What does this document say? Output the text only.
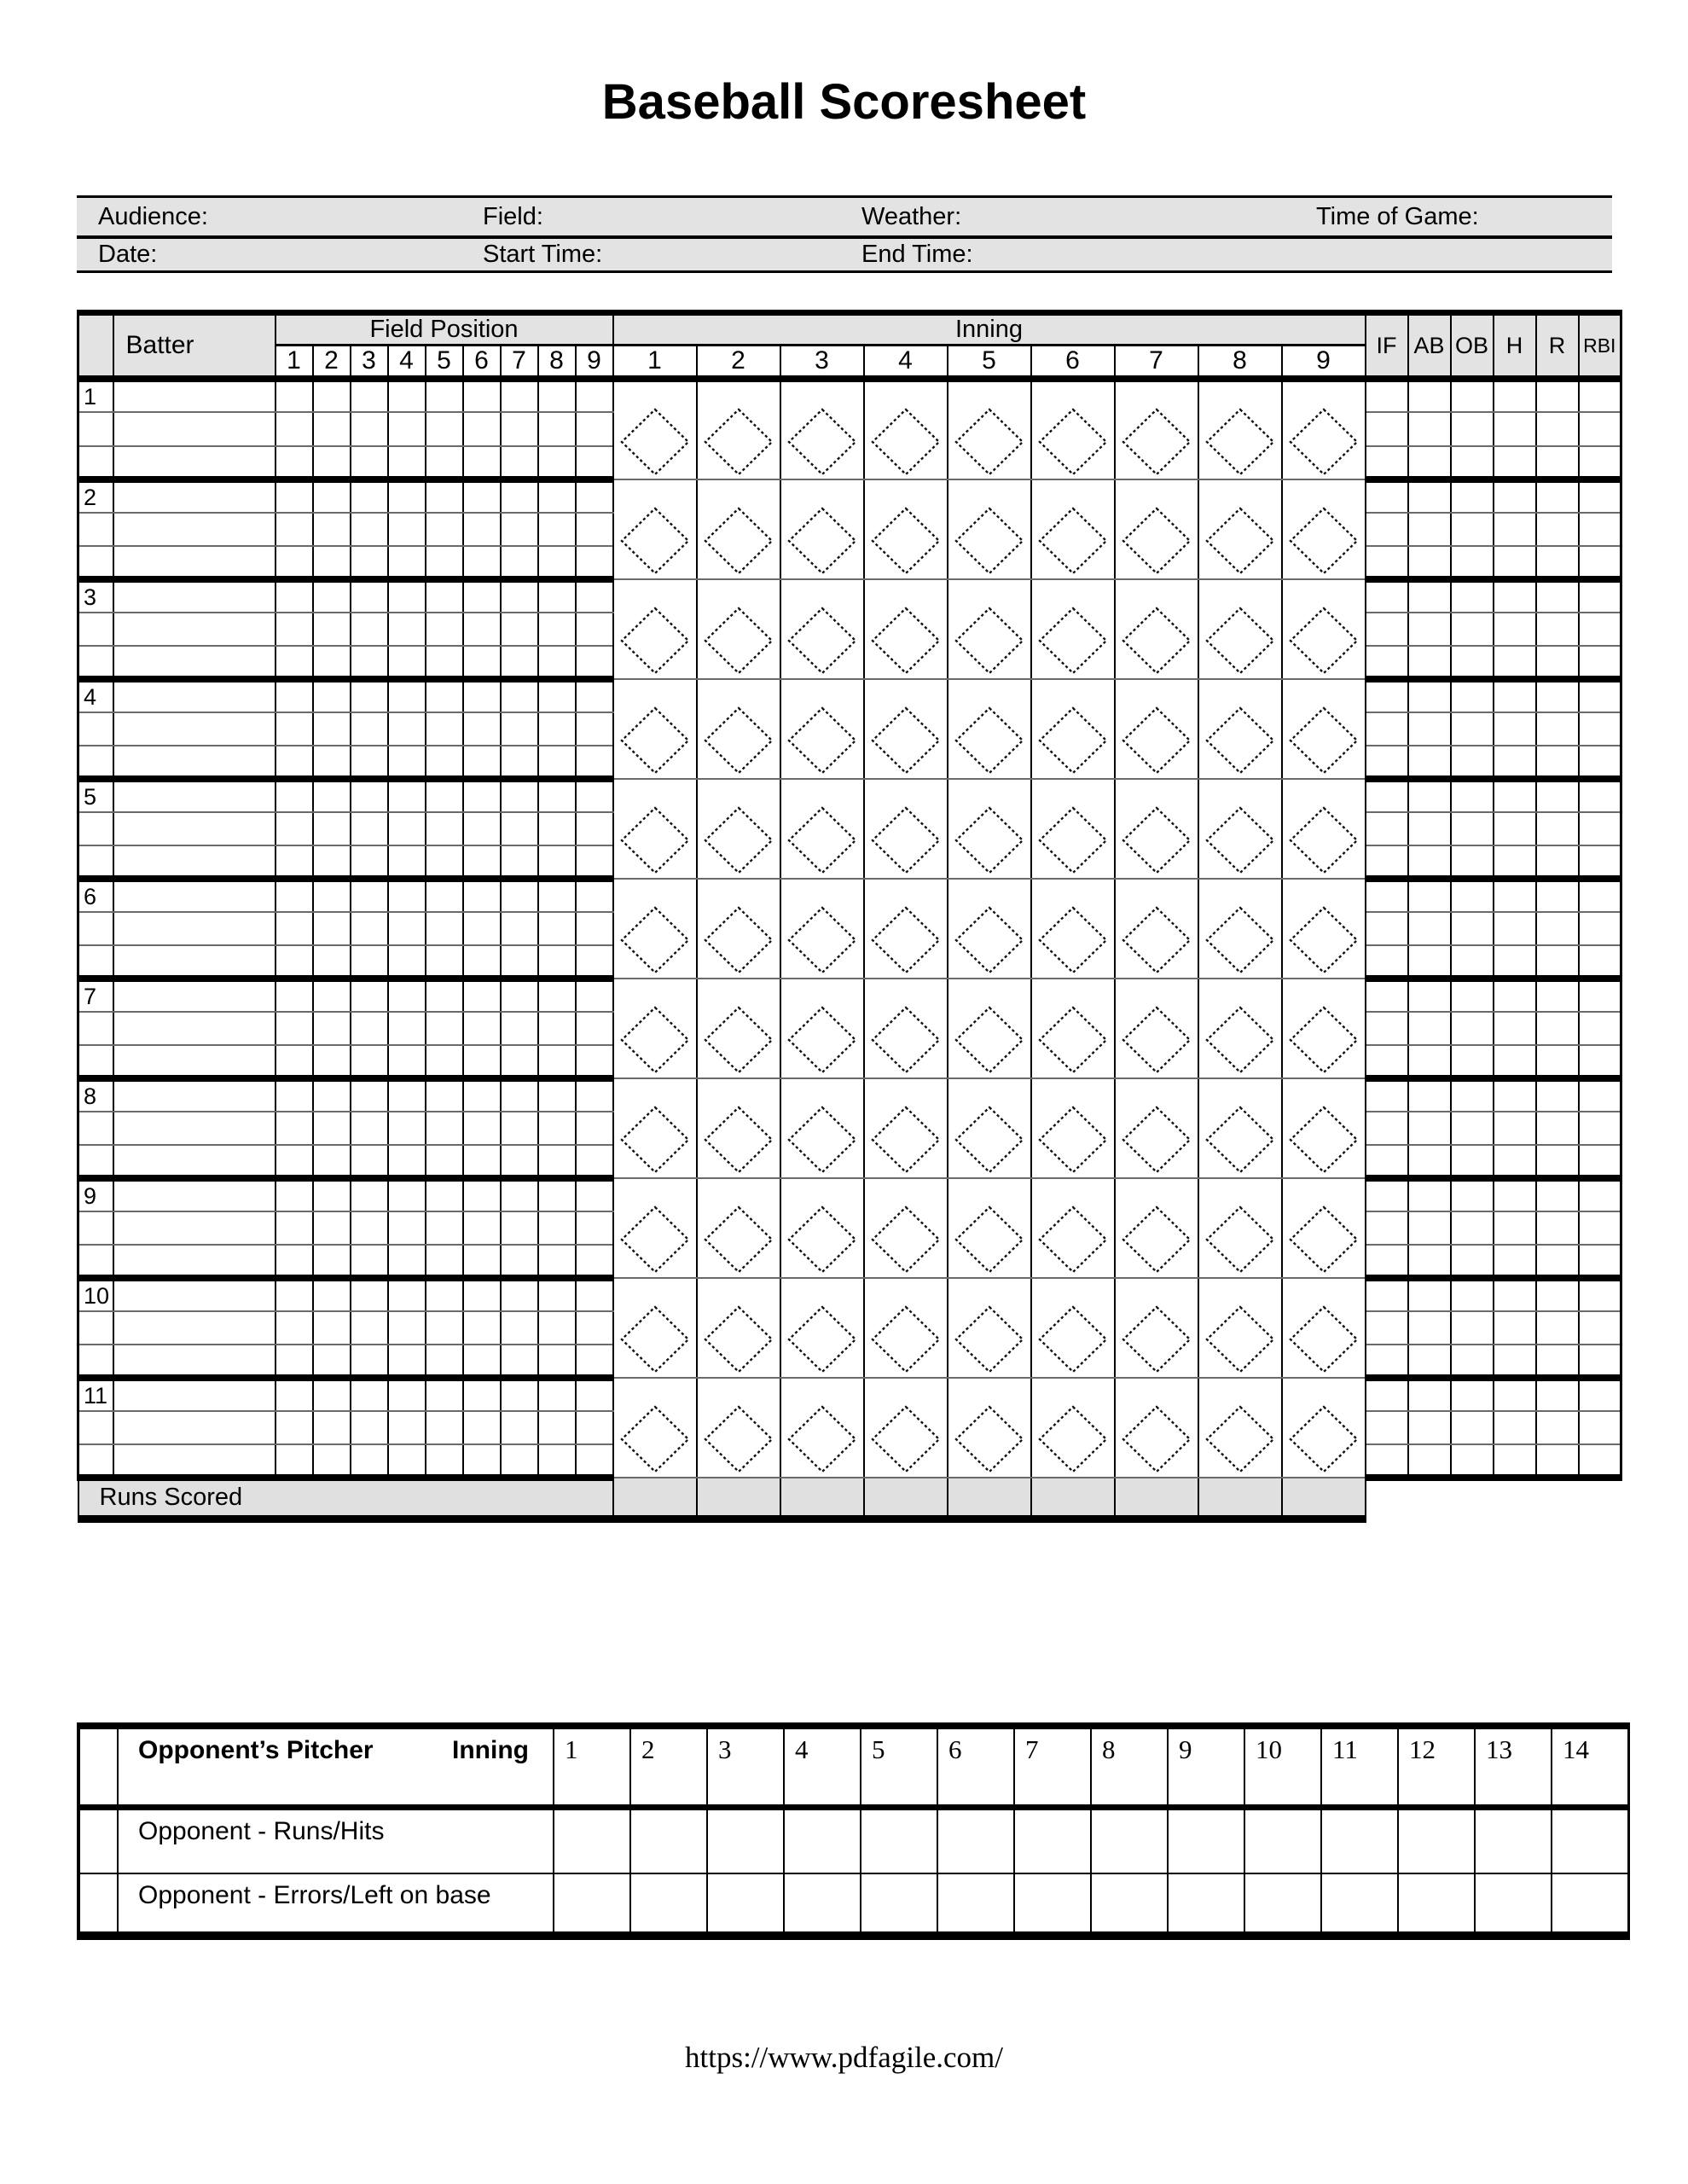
Baseball Scoresheet
Audience:	Field:	Weather:	Time of Game:
Date:	Start Time:	End Time:
	Batter	Field Position									Inning									IF	AB	OB	H	R	RBI
		1	2	3	4	5	6	7	8	9	1	2	3	4	5	6	7	8	9						
1											

2											

3											

4											

5											

6											

7											

8											

9											

10											

11											

Runs Scored																									

	Opponent’s Pitcher Inning	1	2	3	4	5	6	7	8	9	10	11	12	13	14

	Opponent - Runs/Hits														

	Opponent - Errors/Left on base														

https://www.pdfagile.com/
